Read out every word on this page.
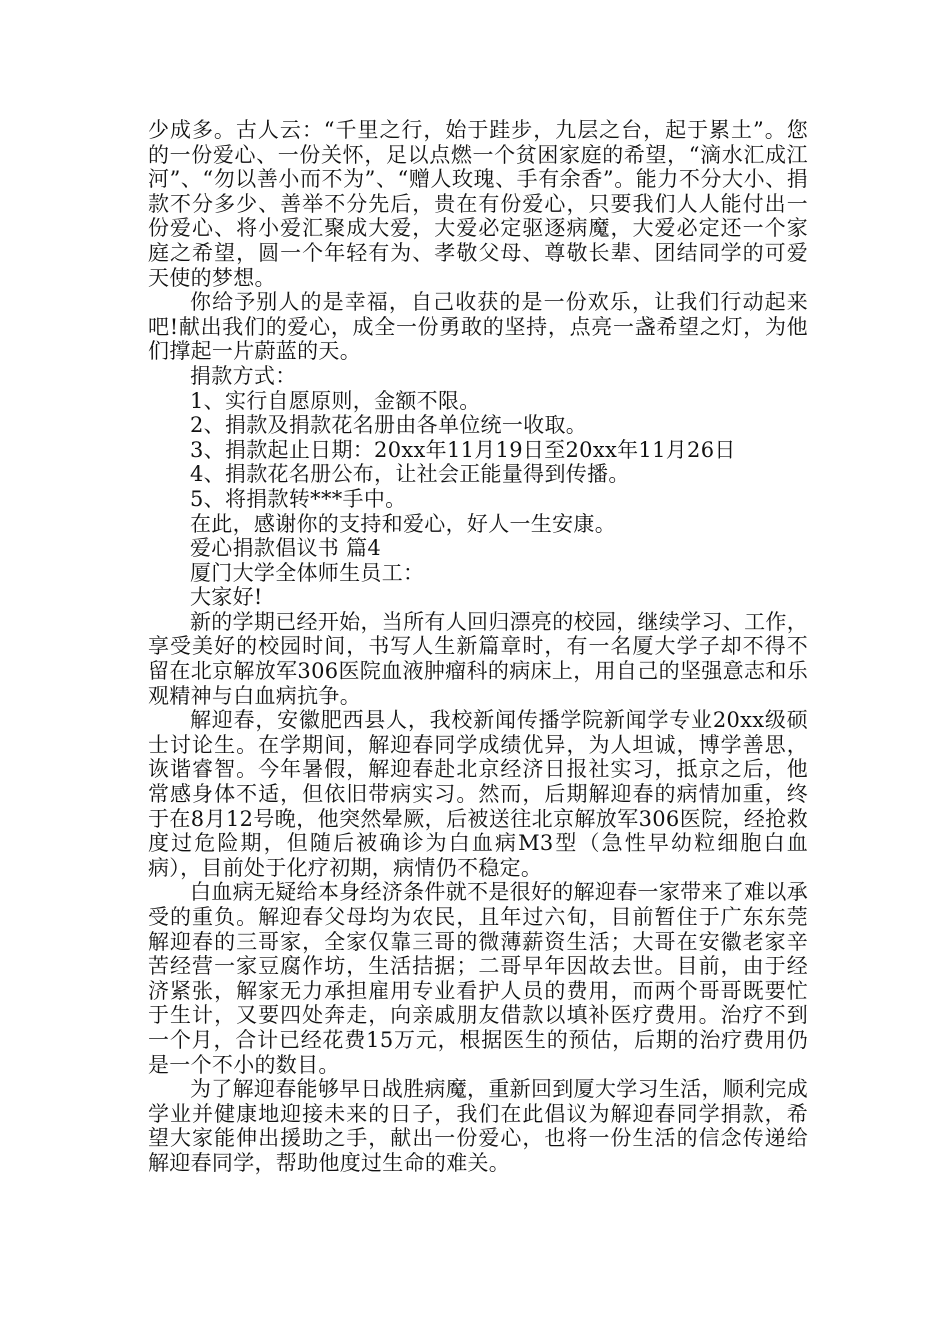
少成多。古人云：“千里之行，始于跬步，九层之台，起于累土”。您的一份爱心、一份关怀，足以点燃一个贫困家庭的希望，“滴水汇成江河”、“勿以善小而不为”、“赠人玫瑰、手有余香”。能力不分大小、捐款不分多少、善举不分先后，贵在有份爱心，只要我们人人能付出一份爱心、将小爱汇聚成大爱，大爱必定驱逐病魔，大爱必定还一个家庭之希望，圆一个年轻有为、孝敬父母、尊敬长辈、团结同学的可爱天使的梦想。

你给予别人的是幸福，自己收获的是一份欢乐，让我们行动起来吧!献出我们的爱心，成全一份勇敢的坚持，点亮一盏希望之灯，为他们撑起一片蔚蓝的天。

捐款方式：

1、实行自愿原则，金额不限。

2、捐款及捐款花名册由各单位统一收取。

3、捐款起止日期：20xx年11月19日至20xx年11月26日

4、捐款花名册公布，让社会正能量得到传播。

5、将捐款转***手中。

在此，感谢你的支持和爱心，好人一生安康。

爱心捐款倡议书 篇4

厦门大学全体师生员工：

大家好!

新的学期已经开始，当所有人回归漂亮的校园，继续学习、工作，享受美好的校园时间，书写人生新篇章时，有一名厦大学子却不得不留在北京解放军306医院血液肿瘤科的病床上，用自己的坚强意志和乐观精神与白血病抗争。

解迎春，安徽肥西县人，我校新闻传播学院新闻学专业20xx级硕士讨论生。在学期间，解迎春同学成绩优异，为人坦诚，博学善思，诙谐睿智。今年暑假，解迎春赴北京经济日报社实习，抵京之后，他常感身体不适，但依旧带病实习。然而，后期解迎春的病情加重，终于在8月12号晚，他突然晕厥，后被送往北京解放军306医院，经抢救度过危险期，但随后被确诊为白血病M3型（急性早幼粒细胞白血病），目前处于化疗初期，病情仍不稳定。

白血病无疑给本身经济条件就不是很好的解迎春一家带来了难以承受的重负。解迎春父母均为农民，且年过六旬，目前暂住于广东东莞解迎春的三哥家，全家仅靠三哥的微薄薪资生活；大哥在安徽老家辛苦经营一家豆腐作坊，生活拮据；二哥早年因故去世。目前，由于经济紧张，解家无力承担雇用专业看护人员的费用，而两个哥哥既要忙于生计，又要四处奔走，向亲戚朋友借款以填补医疗费用。治疗不到一个月，合计已经花费15万元，根据医生的预估，后期的治疗费用仍是一个不小的数目。

为了解迎春能够早日战胜病魔，重新回到厦大学习生活，顺利完成学业并健康地迎接未来的日子，我们在此倡议为解迎春同学捐款，希望大家能伸出援助之手，献出一份爱心，也将一份生活的信念传递给解迎春同学，帮助他度过生命的难关。
